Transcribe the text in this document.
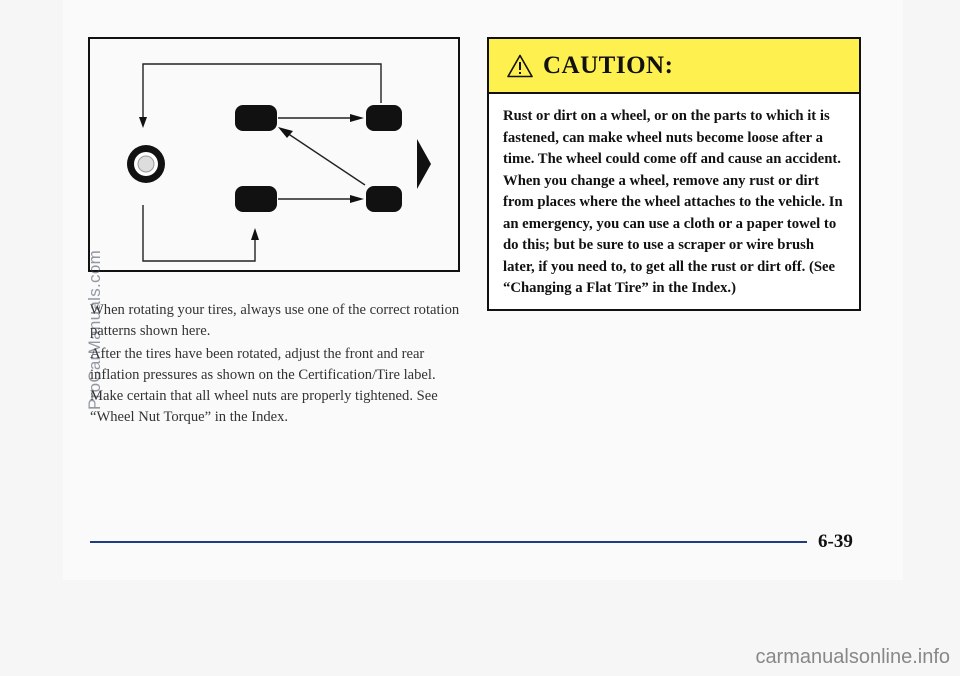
When rotating your tires, always use one of the correct rotation patterns shown here.

After the tires have been rotated, adjust the front and rear inflation pressures as shown on the Certification/Tire label. Make certain that all wheel nuts are properly tightened. See “Wheel Nut Torque” in the Index.

CAUTION:
Rust or dirt on a wheel, or on the parts to which it is fastened, can make wheel nuts become loose after a time. The wheel could come off and cause an accident. When you change a wheel, remove any rust or dirt from places where the wheel attaches to the vehicle. In an emergency, you can use a cloth or a paper towel to do this; but be sure to use a scraper or wire brush later, if you need to, to get all the rust or dirt off. (See “Changing a Flat Tire” in the Index.)
6-39
ProCarManuals.com
carmanualsonline.info
